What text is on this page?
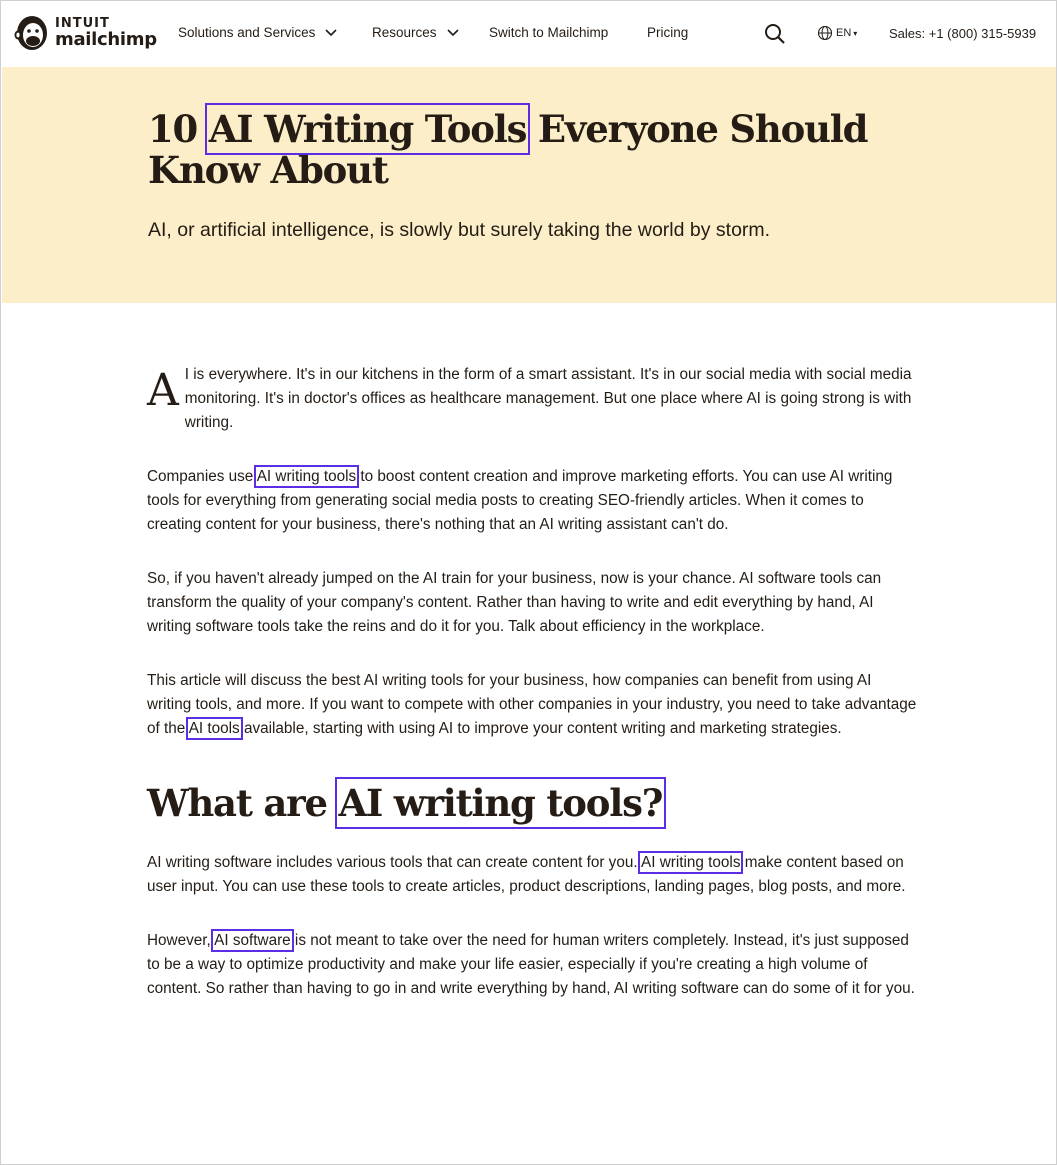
INTUIT
mailchimp Solutions and Services	Resources	Switch to Mailchimp	Pricing	EN ▾ Sales: +1 (800) 315-5939
10 AI Writing Tools Everyone Should Know About
AI, or artificial intelligence, is slowly but surely taking the world by storm.

A I is everywhere. It's in our kitchens in the form of a smart assistant. It's in our social media with social media monitoring. It's in doctor's offices as healthcare management. But one place where AI is going strong is with writing.

Companies use AI writing tools to boost content creation and improve marketing efforts. You can use AI writing tools for everything from generating social media posts to creating SEO-friendly articles. When it comes to creating content for your business, there's nothing that an AI writing assistant can't do.

So, if you haven't already jumped on the AI train for your business, now is your chance. AI software tools can transform the quality of your company's content. Rather than having to write and edit everything by hand, AI writing software tools take the reins and do it for you. Talk about efficiency in the workplace.

This article will discuss the best AI writing tools for your business, how companies can benefit from using AI writing tools, and more. If you want to compete with other companies in your industry, you need to take advantage of the AI tools available, starting with using AI to improve your content writing and marketing strategies.

What are AI writing tools?

AI writing software includes various tools that can create content for you. AI writing tools make content based on user input. You can use these tools to create articles, product descriptions, landing pages, blog posts, and more.

However, AI software is not meant to take over the need for human writers completely. Instead, it's just supposed to be a way to optimize productivity and make your life easier, especially if you're creating a high volume of content. So rather than having to go in and write everything by hand, AI writing software can do some of it for you.
